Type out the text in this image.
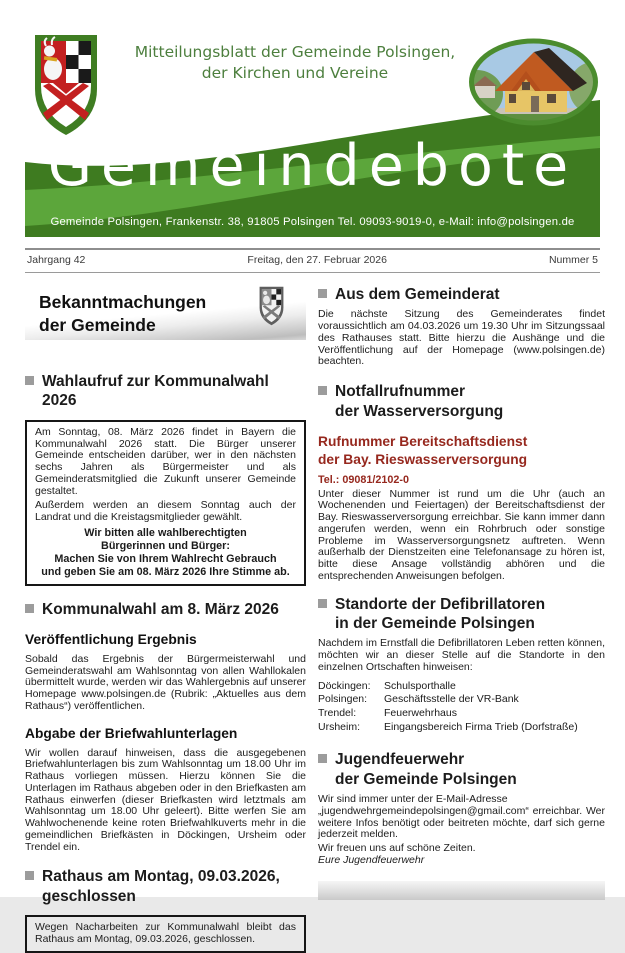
Mitteilungsblatt der Gemeinde Polsingen,
der Kirchen und Vereine
Gemeindebote
Gemeinde Polsingen, Frankenstr. 38, 91805 Polsingen Tel. 09093-9019-0, e-Mail: info@polsingen.de
Jahrgang 42	Freitag, den 27. Februar 2026	Nummer 5
Bekanntmachungen
der Gemeinde
Wahlaufruf zur Kommunalwahl 2026

Am Sonntag, 08. März 2026 findet in Bayern die Kommunalwahl 2026 statt. Die Bürger unserer Gemeinde entscheiden darüber, wer in den nächsten sechs Jahren als Bürgermeister und als Gemeinderatsmitglied die Zukunft unserer Gemeinde gestaltet.

Außerdem werden an diesem Sonntag auch der Landrat und die Kreistagsmitglieder gewählt.

Wir bitten alle wahlberechtigten

Bürgerinnen und Bürger:

Machen Sie von Ihrem Wahlrecht Gebrauch

und geben Sie am 08. März 2026 Ihre Stimme ab.

Kommunalwahl am 8. März 2026
Veröffentlichung Ergebnis

Sobald das Ergebnis der Bürgermeisterwahl und Gemeinderatswahl am Wahlsonntag von allen Wahllokalen übermittelt wurde, werden wir das Wahlergebnis auf unserer Homepage www.polsingen.de (Rubrik: „Aktuelles aus dem Rathaus“) veröffentlichen.

Abgabe der Briefwahlunterlagen

Wir wollen darauf hinweisen, dass die ausgegebenen Briefwahlunterlagen bis zum Wahlsonntag um 18.00 Uhr im Rathaus vorliegen müssen. Hierzu können Sie die Unterlagen im Rathaus abgeben oder in den Briefkasten am Rathaus einwerfen (dieser Briefkasten wird letztmals am Wahlsonntag um 18.00 Uhr geleert). Bitte werfen Sie am Wahlwochenende keine roten Briefwahlkuverts mehr in die gemeindlichen Briefkästen in Döckingen, Ursheim oder Trendel ein.

Rathaus am Montag, 09.03.2026,
geschlossen

Wegen Nacharbeiten zur Kommunalwahl bleibt das Rathaus am Montag, 09.03.2026, geschlossen.

Aus dem Gemeinderat

Die nächste Sitzung des Gemeinderates findet voraussichtlich am 04.03.2026 um 19.30 Uhr im Sitzungssaal des Rathauses statt. Bitte hierzu die Aushänge und die Veröffentlichung auf der Homepage (www.polsingen.de) beachten.

Notfallrufnummer
der Wasserversorgung
Rufnummer Bereitschaftsdienst
der Bay. Rieswasserversorgung
Tel.: 09081/2102-0

Unter dieser Nummer ist rund um die Uhr (auch an Wochenenden und Feiertagen) der Bereitschaftsdienst der Bay. Rieswasserversorgung erreichbar. Sie kann immer dann angerufen werden, wenn ein Rohrbruch oder sonstige Probleme im Wasserversorgungsnetz auftreten. Wenn außerhalb der Dienstzeiten eine Telefonansage zu hören ist, bitte diese Ansage vollständig abhören und die entsprechenden Anweisungen befolgen.

Standorte der Defibrillatoren
in der Gemeinde Polsingen

Nachdem im Ernstfall die Defibrillatoren Leben retten können, möchten wir an dieser Stelle auf die Standorte in den einzelnen Ortschaften hinweisen:

Döckingen:	Schulsporthalle
Polsingen:	Geschäftsstelle der VR-Bank
Trendel:	Feuerwehrhaus
Ursheim:	Eingangsbereich Firma Trieb (Dorfstraße)
Jugendfeuerwehr
der Gemeinde Polsingen

Wir sind immer unter der E-Mail-Adresse

„jugendwehrgemeindepolsingen@gmail.com“ erreichbar. Wer weitere Infos benötigt oder beitreten möchte, darf sich gerne jederzeit melden.

Wir freuen uns auf schöne Zeiten.

Eure Jugendfeuerwehr
